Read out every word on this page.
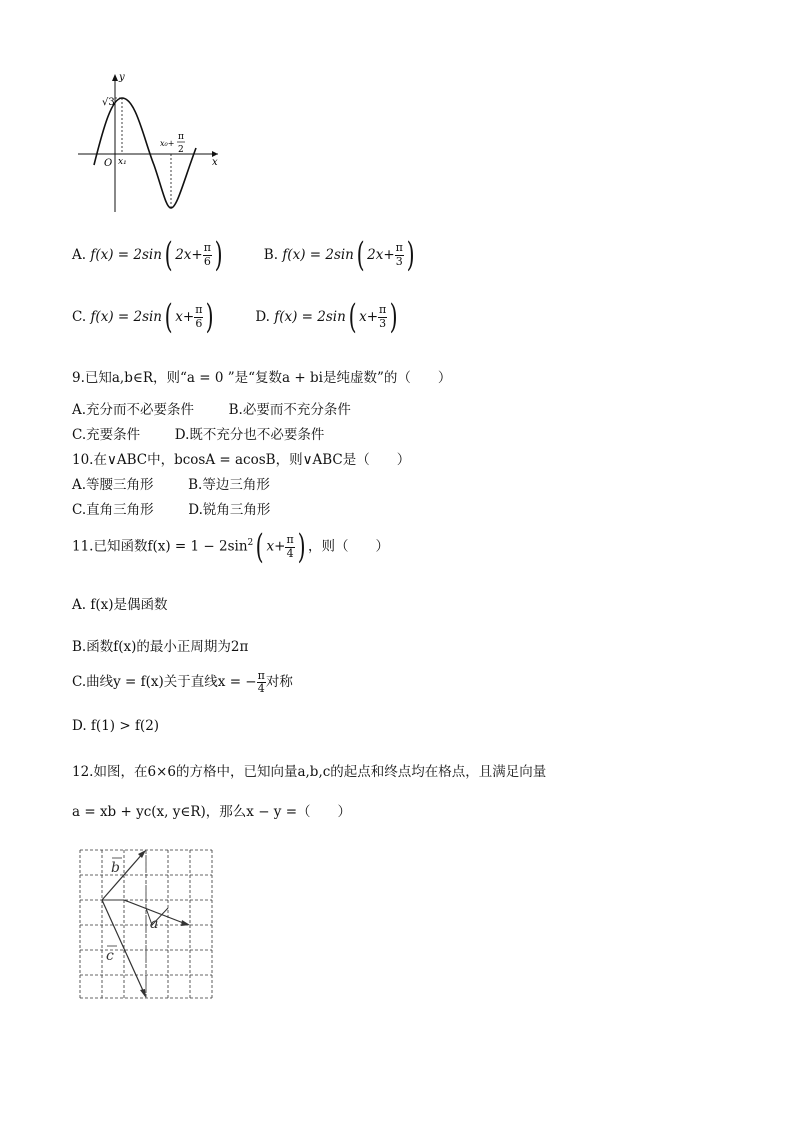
y
x
O
√3
x₁
x₀+
π
2
A. f(x) = 2sin( $2x+ \frac{\pi}{6}$ )	B. f(x) = 2sin( $2x+ \frac{\pi}{3}$ )
C. f(x) = 2sin( $x+ \frac{\pi}{6}$ )	D. f(x) = 2sin( $x+ \frac{\pi}{3}$ )
9.已知a,b∈R，则“a = 0 ”是“复数a + bi是纯虚数”的（　　）
A.充分而不必要条件	B.必要而不充分条件
C.充要条件	D.既不充分也不必要条件
10.在∨ABC中，bcosA = acosB，则∨ABC是（　　）
A.等腰三角形	B.等边三角形
C.直角三角形	D.锐角三角形
11.已知函数$f(x) = 1 - 2\sin^2$( $x+ \frac{\pi}{4}$ ) ，则（　　）
A. f(x)是偶函数
B.函数f(x)的最小正周期为2π
C.曲线y = f(x)关于直线x = − $\frac{\pi}{4}$ 对称
D. f(1) > f(2)
12.如图，在6×6的方格中，已知向量a,b,c的起点和终点均在格点，且满足向量
a = xb + yc(x, y∈R)，那么x − y =（　　）
b
c
a
